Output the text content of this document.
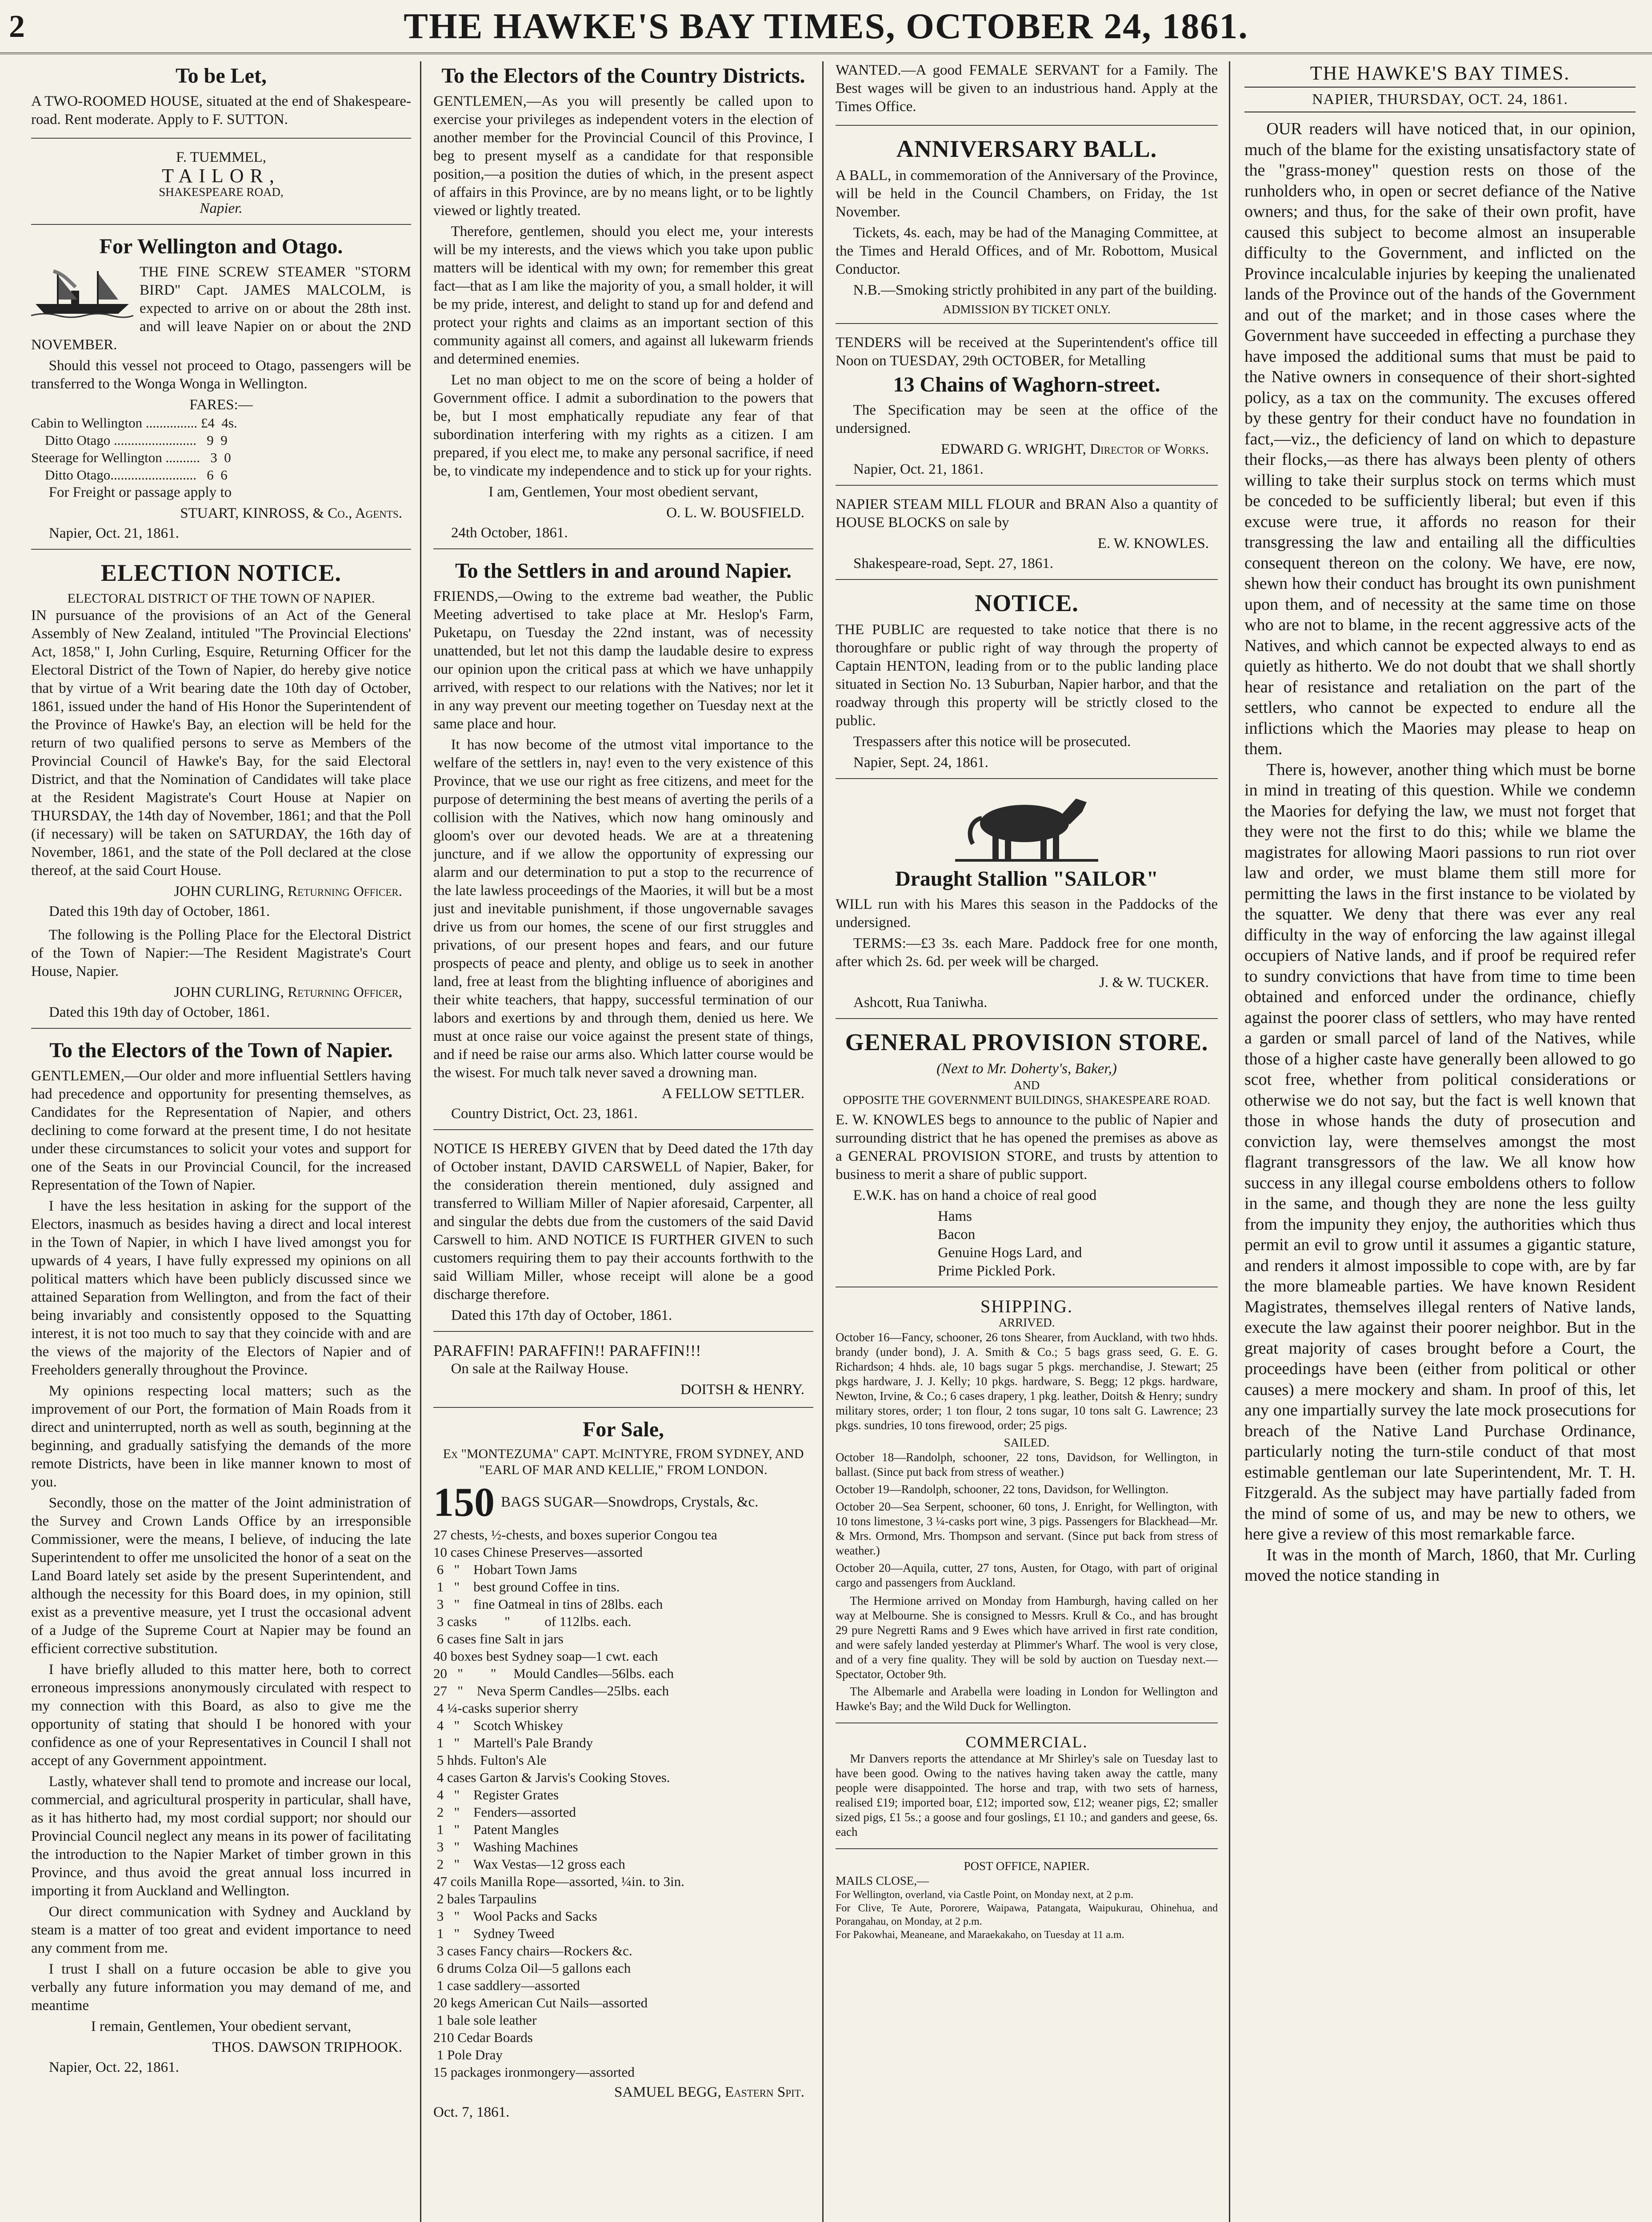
2	THE HAWKE'S BAY TIMES, OCTOBER 24, 1861.
To be Let,

A TWO-ROOMED HOUSE, situated at the end of Shakespeare-road. Rent moderate. Apply to F. SUTTON.

F. TUEMMEL,
TAILOR,
SHAKESPEARE ROAD,
Napier.
For Wellington and Otago.

THE FINE SCREW STEAMER "STORM BIRD" Capt. JAMES MALCOLM, is expected to arrive on or about the 28th inst. and will leave Napier on or about the 2ND NOVEMBER.

Should this vessel not proceed to Otago, passengers will be transferred to the Wonga Wonga in Wellington.

FARES:—
Cabin to Wellington ............... £4  4s.
Ditto Otago ........................   9  9
Steerage for Wellington ..........   3  0
Ditto Otago.........................   6  6

For Freight or passage apply to

STUART, KINROSS, & Co., Agents.
Napier, Oct. 21, 1861.
ELECTION NOTICE.
ELECTORAL DISTRICT OF THE TOWN OF NAPIER.

IN pursuance of the provisions of an Act of the General Assembly of New Zealand, intituled "The Provincial Elections' Act, 1858," I, John Curling, Esquire, Returning Officer for the Electoral District of the Town of Napier, do hereby give notice that by virtue of a Writ bearing date the 10th day of October, 1861, issued under the hand of His Honor the Superintendent of the Province of Hawke's Bay, an election will be held for the return of two qualified persons to serve as Members of the Provincial Council of Hawke's Bay, for the said Electoral District, and that the Nomination of Candidates will take place at the Resident Magistrate's Court House at Napier on THURSDAY, the 14th day of November, 1861; and that the Poll (if necessary) will be taken on SATURDAY, the 16th day of November, 1861, and the state of the Poll declared at the close thereof, at the said Court House.

JOHN CURLING, Returning Officer.
Dated this 19th day of October, 1861.

The following is the Polling Place for the Electoral District of the Town of Napier:—The Resident Magistrate's Court House, Napier.

JOHN CURLING, Returning Officer,
Dated this 19th day of October, 1861.
To the Electors of the Town of Napier.

GENTLEMEN,—Our older and more influential Settlers having had precedence and opportunity for presenting themselves, as Candidates for the Representation of Napier, and others declining to come forward at the present time, I do not hesitate under these circumstances to solicit your votes and support for one of the Seats in our Provincial Council, for the increased Representation of the Town of Napier.

I have the less hesitation in asking for the support of the Electors, inasmuch as besides having a direct and local interest in the Town of Napier, in which I have lived amongst you for upwards of 4 years, I have fully expressed my opinions on all political matters which have been publicly discussed since we attained Separation from Wellington, and from the fact of their being invariably and consistently opposed to the Squatting interest, it is not too much to say that they coincide with and are the views of the majority of the Electors of Napier and of Freeholders generally throughout the Province.

My opinions respecting local matters; such as the improvement of our Port, the formation of Main Roads from it direct and uninterrupted, north as well as south, beginning at the beginning, and gradually satisfying the demands of the more remote Districts, have been in like manner known to most of you.

Secondly, those on the matter of the Joint administration of the Survey and Crown Lands Office by an irresponsible Commissioner, were the means, I believe, of inducing the late Superintendent to offer me unsolicited the honor of a seat on the Land Board lately set aside by the present Superintendent, and although the necessity for this Board does, in my opinion, still exist as a preventive measure, yet I trust the occasional advent of a Judge of the Supreme Court at Napier may be found an efficient corrective substitution.

I have briefly alluded to this matter here, both to correct erroneous impressions anonymously circulated with respect to my connection with this Board, as also to give me the opportunity of stating that should I be honored with your confidence as one of your Representatives in Council I shall not accept of any Government appointment.

Lastly, whatever shall tend to promote and increase our local, commercial, and agricultural prosperity in particular, shall have, as it has hitherto had, my most cordial support; nor should our Provincial Council neglect any means in its power of facilitating the introduction to the Napier Market of timber grown in this Province, and thus avoid the great annual loss incurred in importing it from Auckland and Wellington.

Our direct communication with Sydney and Auckland by steam is a matter of too great and evident importance to need any comment from me.

I trust I shall on a future occasion be able to give you verbally any future information you may demand of me, and meantime

I remain, Gentlemen, Your obedient servant,
THOS. DAWSON TRIPHOOK.
Napier, Oct. 22, 1861.
To the Electors of the Country Districts.

GENTLEMEN,—As you will presently be called upon to exercise your privileges as independent voters in the election of another member for the Provincial Council of this Province, I beg to present myself as a candidate for that responsible position,—a position the duties of which, in the present aspect of affairs in this Province, are by no means light, or to be lightly viewed or lightly treated.

Therefore, gentlemen, should you elect me, your interests will be my interests, and the views which you take upon public matters will be identical with my own; for remember this great fact—that as I am like the majority of you, a small holder, it will be my pride, interest, and delight to stand up for and defend and protect your rights and claims as an important section of this community against all comers, and against all lukewarm friends and determined enemies.

Let no man object to me on the score of being a holder of Government office. I admit a subordination to the powers that be, but I most emphatically repudiate any fear of that subordination interfering with my rights as a citizen. I am prepared, if you elect me, to make any personal sacrifice, if need be, to vindicate my independence and to stick up for your rights.

I am, Gentlemen, Your most obedient servant,
O. L. W. BOUSFIELD.
24th October, 1861.
To the Settlers in and around Napier.

FRIENDS,—Owing to the extreme bad weather, the Public Meeting advertised to take place at Mr. Heslop's Farm, Puketapu, on Tuesday the 22nd instant, was of necessity unattended, but let not this damp the laudable desire to express our opinion upon the critical pass at which we have unhappily arrived, with respect to our relations with the Natives; nor let it in any way prevent our meeting together on Tuesday next at the same place and hour.

It has now become of the utmost vital importance to the welfare of the settlers in, nay! even to the very existence of this Province, that we use our right as free citizens, and meet for the purpose of determining the best means of averting the perils of a collision with the Natives, which now hang ominously and gloom's over our devoted heads. We are at a threatening juncture, and if we allow the opportunity of expressing our alarm and our determination to put a stop to the recurrence of the late lawless proceedings of the Maories, it will but be a most just and inevitable punishment, if those ungovernable savages drive us from our homes, the scene of our first struggles and privations, of our present hopes and fears, and our future prospects of peace and plenty, and oblige us to seek in another land, free at least from the blighting influence of aborigines and their white teachers, that happy, successful termination of our labors and exertions by and through them, denied us here. We must at once raise our voice against the present state of things, and if need be raise our arms also. Which latter course would be the wisest. For much talk never saved a drowning man.

A FELLOW SETTLER.
Country District, Oct. 23, 1861.

NOTICE IS HEREBY GIVEN that by Deed dated the 17th day of October instant, DAVID CARSWELL of Napier, Baker, for the consideration therein mentioned, duly assigned and transferred to William Miller of Napier aforesaid, Carpenter, all and singular the debts due from the customers of the said David Carswell to him. AND NOTICE IS FURTHER GIVEN to such customers requiring them to pay their accounts forthwith to the said William Miller, whose receipt will alone be a good discharge therefore.

Dated this 17th day of October, 1861.
PARAFFIN! PARAFFIN!! PARAFFIN!!!

On sale at the Railway House.

DOITSH & HENRY.
For Sale,
Ex "MONTEZUMA" CAPT. McINTYRE, FROM SYDNEY, AND "EARL OF MAR AND KELLIE," FROM LONDON.
150 BAGS SUGAR—Snowdrops, Crystals, &c.
27 chests, ½-chests, and boxes superior Congou tea
10 cases Chinese Preserves—assorted
6   "    Hobart Town Jams
1   "    best ground Coffee in tins.
3   "    fine Oatmeal in tins of 28lbs. each
3 casks        "          of 112lbs. each.
6 cases fine Salt in jars
40 boxes best Sydney soap—1 cwt. each
20   "        "     Mould Candles—56lbs. each
27   "    Neva Sperm Candles—25lbs. each
4 ¼-casks superior sherry
4   "    Scotch Whiskey
1   "    Martell's Pale Brandy
5 hhds. Fulton's Ale
4 cases Garton & Jarvis's Cooking Stoves.
4   "    Register Grates
2   "    Fenders—assorted
1   "    Patent Mangles
3   "    Washing Machines
2   "    Wax Vestas—12 gross each
47 coils Manilla Rope—assorted, ¼in. to 3in.
2 bales Tarpaulins
3   "    Wool Packs and Sacks
1   "    Sydney Tweed
3 cases Fancy chairs—Rockers &c.
6 drums Colza Oil—5 gallons each
1 case saddlery—assorted
20 kegs American Cut Nails—assorted
1 bale sole leather
210 Cedar Boards
1 Pole Dray
15 packages ironmongery—assorted
SAMUEL BEGG, Eastern Spit.
Oct. 7, 1861.

WANTED.—A good FEMALE SERVANT for a Family. The Best wages will be given to an industrious hand. Apply at the Times Office.

ANNIVERSARY BALL.

A BALL, in commemoration of the Anniversary of the Province, will be held in the Council Chambers, on Friday, the 1st November.

Tickets, 4s. each, may be had of the Managing Committee, at the Times and Herald Offices, and of Mr. Robottom, Musical Conductor.

N.B.—Smoking strictly prohibited in any part of the building.

ADMISSION BY TICKET ONLY.

TENDERS will be received at the Superintendent's office till Noon on TUESDAY, 29th OCTOBER, for Metalling

13 Chains of Waghorn-street.

The Specification may be seen at the office of the undersigned.

EDWARD G. WRIGHT, Director of Works.
Napier, Oct. 21, 1861.

NAPIER STEAM MILL FLOUR and BRAN Also a quantity of HOUSE BLOCKS on sale by

E. W. KNOWLES.
Shakespeare-road, Sept. 27, 1861.
NOTICE.

THE PUBLIC are requested to take notice that there is no thoroughfare or public right of way through the property of Captain HENTON, leading from or to the public landing place situated in Section No. 13 Suburban, Napier harbor, and that the roadway through this property will be strictly closed to the public.

Trespassers after this notice will be prosecuted.

Napier, Sept. 24, 1861.
Draught Stallion "SAILOR"

WILL run with his Mares this season in the Paddocks of the undersigned.

TERMS:—£3 3s. each Mare. Paddock free for one month, after which 2s. 6d. per week will be charged.

J. & W. TUCKER.
Ashcott, Rua Taniwha.
GENERAL PROVISION STORE.
(Next to Mr. Doherty's, Baker,)
AND
OPPOSITE THE GOVERNMENT BUILDINGS, SHAKESPEARE ROAD.

E. W. KNOWLES begs to announce to the public of Napier and surrounding district that he has opened the premises as above as a GENERAL PROVISION STORE, and trusts by attention to business to merit a share of public support.

E.W.K. has on hand a choice of real good

Hams
Bacon
Genuine Hogs Lard, and
Prime Pickled Pork.
SHIPPING.
ARRIVED.

October 16—Fancy, schooner, 26 tons Shearer, from Auckland, with two hhds. brandy (under bond), J. A. Smith & Co.; 5 bags grass seed, G. E. G. Richardson; 4 hhds. ale, 10 bags sugar 5 pkgs. merchandise, J. Stewart; 25 pkgs hardware, J. J. Kelly; 10 pkgs. hardware, S. Begg; 12 pkgs. hardware, Newton, Irvine, & Co.; 6 cases drapery, 1 pkg. leather, Doitsh & Henry; sundry military stores, order; 1 ton flour, 2 tons sugar, 10 tons salt G. Lawrence; 23 pkgs. sundries, 10 tons firewood, order; 25 pigs.

SAILED.

October 18—Randolph, schooner, 22 tons, Davidson, for Wellington, in ballast. (Since put back from stress of weather.)

October 19—Randolph, schooner, 22 tons, Davidson, for Wellington.

October 20—Sea Serpent, schooner, 60 tons, J. Enright, for Wellington, with 10 tons limestone, 3 ¼-casks port wine, 3 pigs. Passengers for Blackhead—Mr. & Mrs. Ormond, Mrs. Thompson and servant. (Since put back from stress of weather.)

October 20—Aquila, cutter, 27 tons, Austen, for Otago, with part of original cargo and passengers from Auckland.

The Hermione arrived on Monday from Hamburgh, having called on her way at Melbourne. She is consigned to Messrs. Krull & Co., and has brought 29 pure Negretti Rams and 9 Ewes which have arrived in first rate condition, and were safely landed yesterday at Plimmer's Wharf. The wool is very close, and of a very fine quality. They will be sold by auction on Tuesday next.—Spectator, October 9th.

The Albemarle and Arabella were loading in London for Wellington and Hawke's Bay; and the Wild Duck for Wellington.

COMMERCIAL.

Mr Danvers reports the attendance at Mr Shirley's sale on Tuesday last to have been good. Owing to the natives having taken away the cattle, many people were disappointed. The horse and trap, with two sets of harness, realised £19; imported boar, £12; imported sow, £12; weaner pigs, £2; smaller sized pigs, £1 5s.; a goose and four goslings, £1 10.; and ganders and geese, 6s. each

POST OFFICE, NAPIER.
MAILS CLOSE,—
For Wellington, overland, via Castle Point, on Monday next, at 2 p.m.
For Clive, Te Aute, Pororere, Waipawa, Patangata, Waipukurau, Ohinehua, and Porangahau, on Monday, at 2 p.m.
For Pakowhai, Meaneane, and Maraekakaho, on Tuesday at 11 a.m.
THE HAWKE'S BAY TIMES.
NAPIER, THURSDAY, OCT. 24, 1861.

OUR readers will have noticed that, in our opinion, much of the blame for the existing unsatisfactory state of the "grass-money" question rests on those of the runholders who, in open or secret defiance of the Native owners; and thus, for the sake of their own profit, have caused this subject to become almost an insuperable difficulty to the Government, and inflicted on the Province incalculable injuries by keeping the unalienated lands of the Province out of the hands of the Government and out of the market; and in those cases where the Government have succeeded in effecting a purchase they have imposed the additional sums that must be paid to the Native owners in consequence of their short-sighted policy, as a tax on the community. The excuses offered by these gentry for their conduct have no foundation in fact,—viz., the deficiency of land on which to depasture their flocks,—as there has always been plenty of others willing to take their surplus stock on terms which must be conceded to be sufficiently liberal; but even if this excuse were true, it affords no reason for their transgressing the law and entailing all the difficulties consequent thereon on the colony. We have, ere now, shewn how their conduct has brought its own punishment upon them, and of necessity at the same time on those who are not to blame, in the recent aggressive acts of the Natives, and which cannot be expected always to end as quietly as hitherto. We do not doubt that we shall shortly hear of resistance and retaliation on the part of the settlers, who cannot be expected to endure all the inflictions which the Maories may please to heap on them.

There is, however, another thing which must be borne in mind in treating of this question. While we condemn the Maories for defying the law, we must not forget that they were not the first to do this; while we blame the magistrates for allowing Maori passions to run riot over law and order, we must blame them still more for permitting the laws in the first instance to be violated by the squatter. We deny that there was ever any real difficulty in the way of enforcing the law against illegal occupiers of Native lands, and if proof be required refer to sundry convictions that have from time to time been obtained and enforced under the ordinance, chiefly against the poorer class of settlers, who may have rented a garden or small parcel of land of the Natives, while those of a higher caste have generally been allowed to go scot free, whether from political considerations or otherwise we do not say, but the fact is well known that those in whose hands the duty of prosecution and conviction lay, were themselves amongst the most flagrant transgressors of the law. We all know how success in any illegal course emboldens others to follow in the same, and though they are none the less guilty from the impunity they enjoy, the authorities which thus permit an evil to grow until it assumes a gigantic stature, and renders it almost impossible to cope with, are by far the more blameable parties. We have known Resident Magistrates, themselves illegal renters of Native lands, execute the law against their poorer neighbor. But in the great majority of cases brought before a Court, the proceedings have been (either from political or other causes) a mere mockery and sham. In proof of this, let any one impartially survey the late mock prosecutions for breach of the Native Land Purchase Ordinance, particularly noting the turn-stile conduct of that most estimable gentleman our late Superintendent, Mr. T. H. Fitzgerald. As the subject may have partially faded from the mind of some of us, and may be new to others, we here give a review of this most remarkable farce.

It was in the month of March, 1860, that Mr. Curling moved the notice standing in
